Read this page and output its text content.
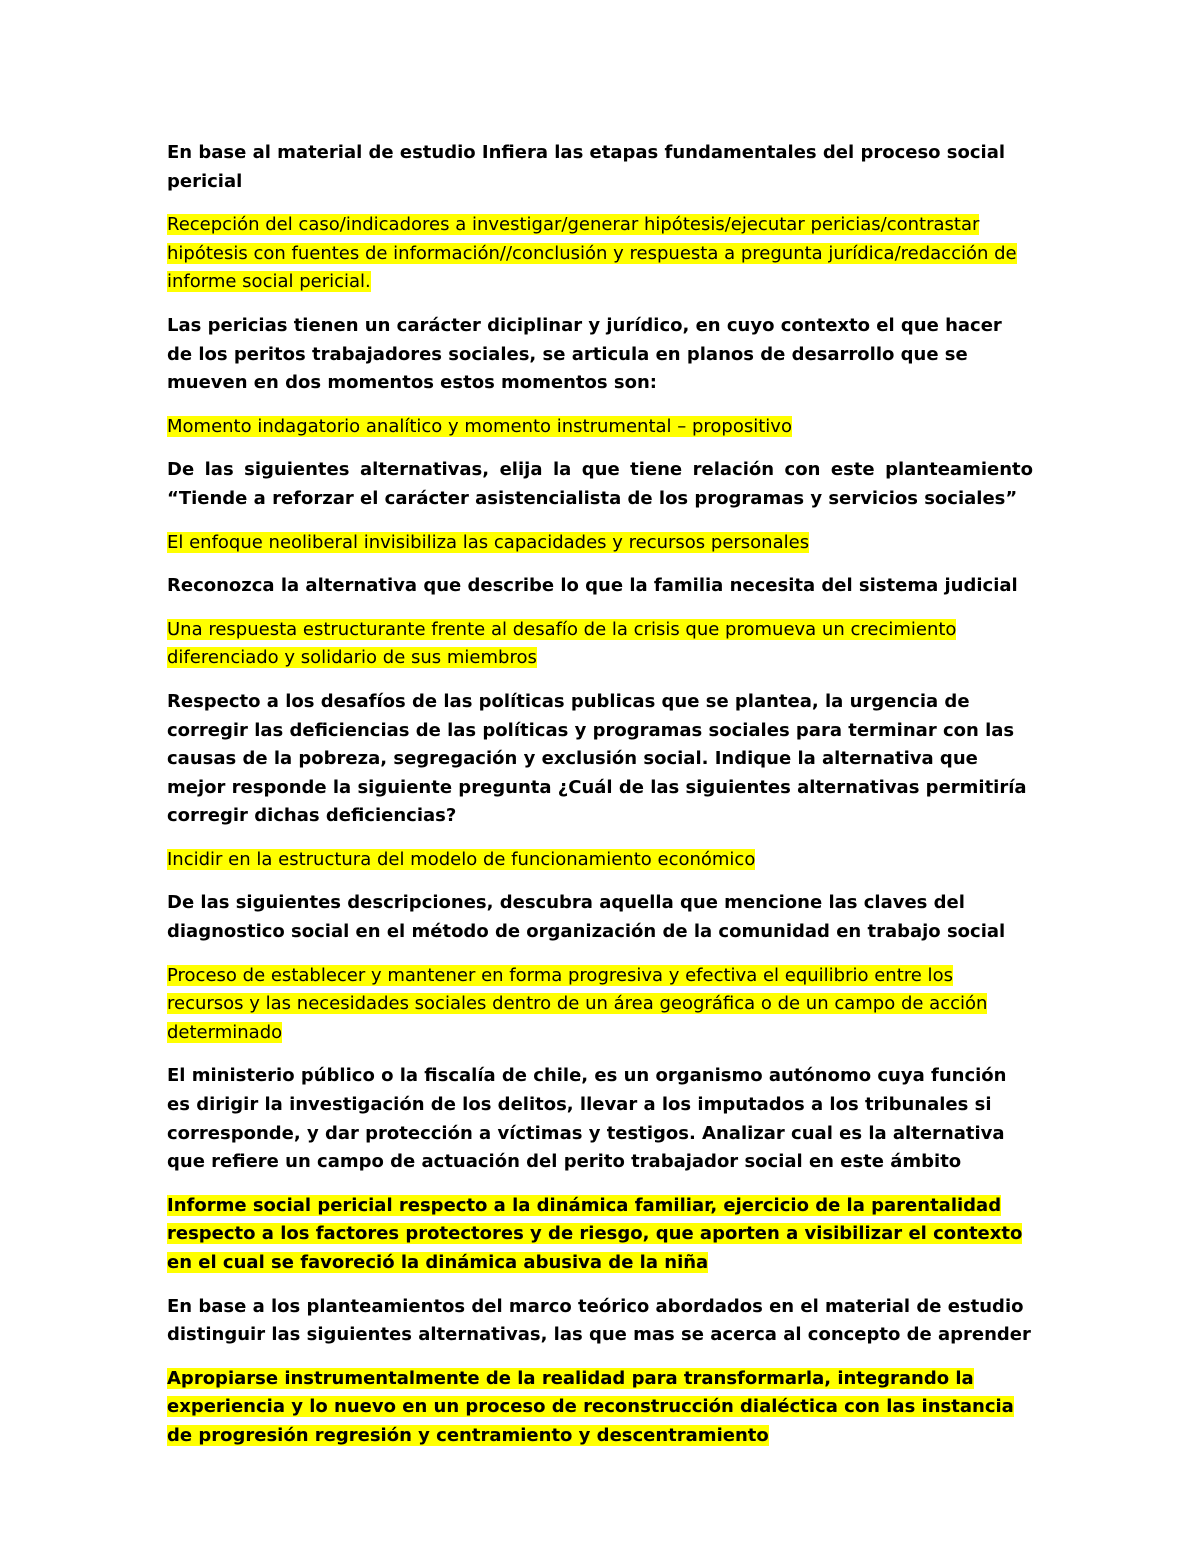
En base al material de estudio Infiera las etapas fundamentales del proceso social pericial

Recepción del caso/indicadores a investigar/generar hipótesis/ejecutar pericias/contrastar hipótesis con fuentes de información//conclusión y respuesta a pregunta jurídica/redacción de informe social pericial.

Las pericias tienen un carácter diciplinar y jurídico, en cuyo contexto el que hacer de los peritos trabajadores sociales, se articula en planos de desarrollo que se mueven en dos momentos estos momentos son:

Momento indagatorio analítico y momento instrumental – propositivo

De las siguientes alternativas, elija la que tiene relación con este planteamiento “Tiende a reforzar el carácter asistencialista de los programas y servicios sociales”

El enfoque neoliberal invisibiliza las capacidades y recursos personales

Reconozca la alternativa que describe lo que la familia necesita del sistema judicial

Una respuesta estructurante frente al desafío de la crisis que promueva un crecimiento diferenciado y solidario de sus miembros

Respecto a los desafíos de las políticas publicas que se plantea, la urgencia de corregir las deficiencias de las políticas y programas sociales para terminar con las causas de la pobreza, segregación y exclusión social. Indique la alternativa que mejor responde la siguiente pregunta ¿Cuál de las siguientes alternativas permitiría corregir dichas deficiencias?

Incidir en la estructura del modelo de funcionamiento económico

De las siguientes descripciones, descubra aquella que mencione las claves del diagnostico social en el método de organización de la comunidad en trabajo social

Proceso de establecer y mantener en forma progresiva y efectiva el equilibrio entre los recursos y las necesidades sociales dentro de un área geográfica o de un campo de acción determinado

El ministerio público o la fiscalía de chile, es un organismo autónomo cuya función es dirigir la investigación de los delitos, llevar a los imputados a los tribunales si corresponde, y dar protección a víctimas y testigos. Analizar cual es la alternativa que refiere un campo de actuación del perito trabajador social en este ámbito

Informe social pericial respecto a la dinámica familiar, ejercicio de la parentalidad respecto a los factores protectores y de riesgo, que aporten a visibilizar el contexto en el cual se favoreció la dinámica abusiva de la niña

En base a los planteamientos del marco teórico abordados en el material de estudio distinguir las siguientes alternativas, las que mas se acerca al concepto de aprender

Apropiarse instrumentalmente de la realidad para transformarla, integrando la experiencia y lo nuevo en un proceso de reconstrucción dialéctica con las instancia de progresión regresión y centramiento y descentramiento
